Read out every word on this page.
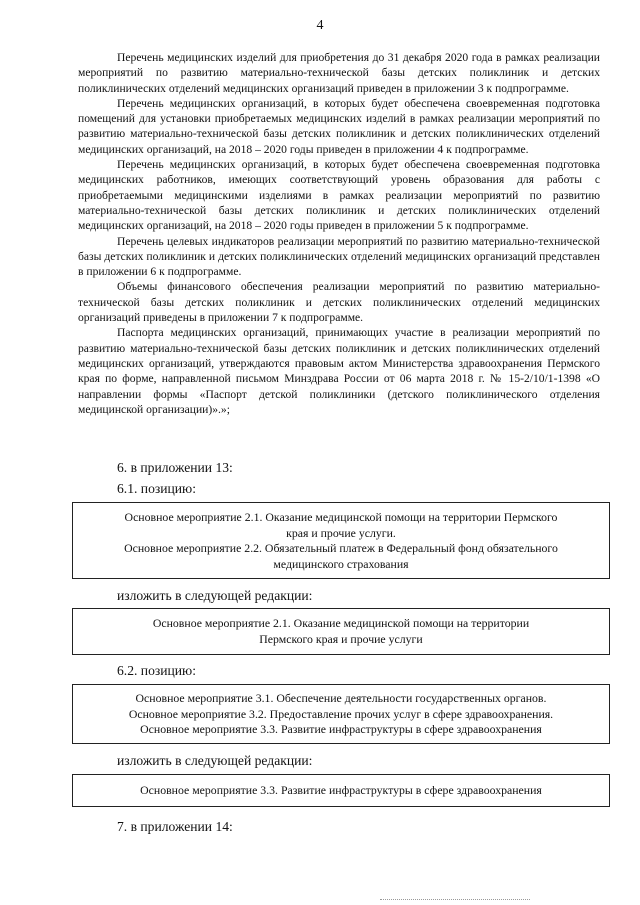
4

Перечень медицинских изделий для приобретения до 31 декабря 2020 года в рамках реализации мероприятий по развитию материально-технической базы детских поликлиник и детских поликлинических отделений медицинских организаций приведен в приложении 3 к подпрограмме.

Перечень медицинских организаций, в которых будет обеспечена своевременная подготовка помещений для установки приобретаемых медицинских изделий в рамках реализации мероприятий по развитию материально-технической базы детских поликлиник и детских поликлинических отделений медицинских организаций, на 2018 – 2020 годы приведен в приложении 4 к подпрограмме.

Перечень медицинских организаций, в которых будет обеспечена своевременная подготовка медицинских работников, имеющих соответствующий уровень образования для работы с приобретаемыми медицинскими изделиями в рамках реализации мероприятий по развитию материально-технической базы детских поликлиник и детских поликлинических отделений медицинских организаций, на 2018 – 2020 годы приведен в приложении 5 к подпрограмме.

Перечень целевых индикаторов реализации мероприятий по развитию материально-технической базы детских поликлиник и детских поликлинических отделений медицинских организаций представлен в приложении 6 к подпрограмме.

Объемы финансового обеспечения реализации мероприятий по развитию материально-технической базы детских поликлиник и детских поликлинических отделений медицинских организаций приведены в приложении 7 к подпрограмме.

Паспорта медицинских организаций, принимающих участие в реализации мероприятий по развитию материально-технической базы детских поликлиник и детских поликлинических отделений медицинских организаций, утверждаются правовым актом Министерства здравоохранения Пермского края по форме, направленной письмом Минздрава России от 06 марта 2018 г. № 15-2/10/1-1398 «О направлении формы «Паспорт детской поликлиники (детского поликлинического отделения медицинской организации)».»;

6. в приложении 13:
6.1. позицию:
Основное мероприятие 2.1. Оказание медицинской помощи на территории Пермского
края и прочие услуги.
Основное мероприятие 2.2. Обязательный платеж в Федеральный фонд обязательного
медицинского страхования
изложить в следующей редакции:
Основное мероприятие 2.1. Оказание медицинской помощи на территории
Пермского края и прочие услуги
6.2. позицию:
Основное мероприятие 3.1. Обеспечение деятельности государственных органов.
Основное мероприятие 3.2. Предоставление прочих услуг в сфере здравоохранения.
Основное мероприятие 3.3. Развитие инфраструктуры в сфере здравоохранения
изложить в следующей редакции:
Основное мероприятие 3.3. Развитие инфраструктуры в сфере здравоохранения
7. в приложении 14:
